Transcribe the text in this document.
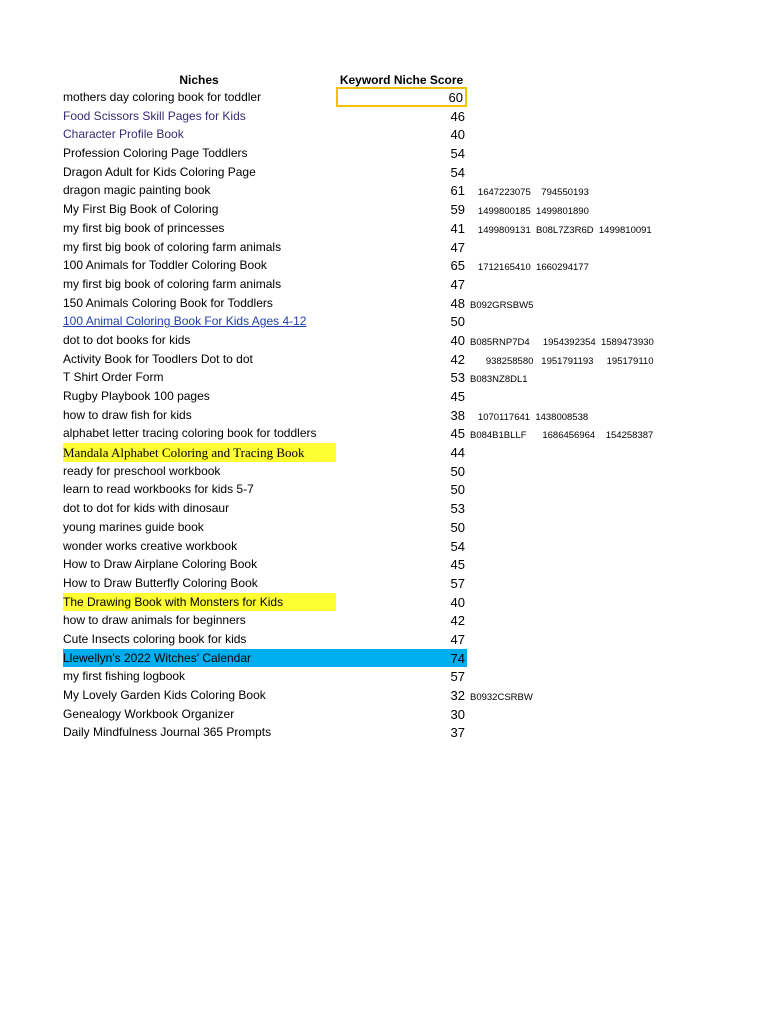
Niches	Keyword Niche Score
mothers day coloring book for toddler	60
Food Scissors Skill Pages for Kids	46
Character Profile Book	40
Profession Coloring Page Toddlers	54
Dragon Adult for Kids Coloring Page	54
dragon magic painting book	61 1647223075    794550193
My First Big Book of Coloring	59 1499800185  1499801890
my first big book of princesses	41 1499809131  B08L7Z3R6D  1499810091
my first big book of coloring farm animals	47
100 Animals for Toddler Coloring Book	65 1712165410  1660294177
my first big book of coloring farm animals	47
150 Animals Coloring Book for Toddlers	48 B092GRSBW5
100 Animal Coloring Book For Kids Ages 4-12	50
dot to dot books for kids	40 B085RNP7D4     1954392354  1589473930
Activity Book for Toodlers Dot to dot	42 938258580   1951791193     195179110
T Shirt Order Form	53 B083NZ8DL1
Rugby Playbook 100 pages	45
how to draw fish for kids	38 1070117641  1438008538
alphabet letter tracing coloring book for toddlers	45 B084B1BLLF      1686456964    154258387
Mandala Alphabet Coloring and Tracing Book	44
ready for preschool workbook	50
learn to read workbooks for kids 5-7	50
dot to dot for kids with dinosaur	53
young marines guide book	50
wonder works creative workbook	54
How to Draw Airplane Coloring Book	45
How to Draw Butterfly Coloring Book	57
The Drawing Book with Monsters for Kids	40
how to draw animals for beginners	42
Cute Insects coloring book for kids	47
Llewellyn's 2022 Witches' Calendar	74
my first fishing logbook	57
My Lovely Garden Kids Coloring Book	32 B0932CSRBW
Genealogy Workbook Organizer	30
Daily Mindfulness Journal 365 Prompts	37
